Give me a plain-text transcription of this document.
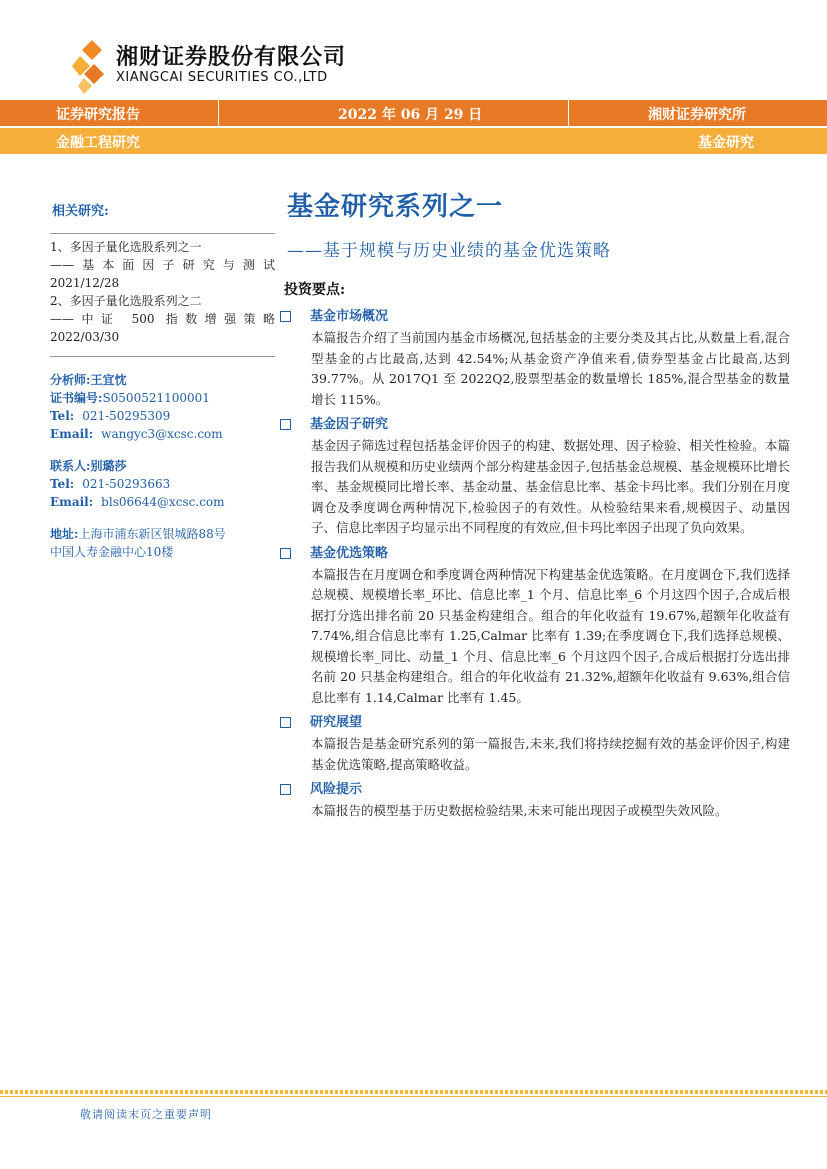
湘财证券股份有限公司
XIANGCAI SECURITIES CO.,LTD
证券研究报告	2022 年 06 月 29 日	湘财证券研究所
金融工程研究	基金研究
相关研究:
1、多因子量化选股系列之一
——基本面因子研究与测试
2021/12/28
2、多因子量化选股系列之二
——中证 500 指数增强策略
2022/03/30
分析师:王宜忱
证书编号:S0500521100001
Tel: 021-50295309
Email: wangyc3@xcsc.com
联系人:别璐莎
Tel: 021-50293663
Email: bls06644@xcsc.com
地址:上海市浦东新区银城路88号
中国人寿金融中心10楼
基金研究系列之一
——基于规模与历史业绩的基金优选策略
投资要点:
基金市场概况
本篇报告介绍了当前国内基金市场概况,包括基金的主要分类及其占比,从数量上看,混合型基金的占比最高,达到 42.54%;从基金资产净值来看,债券型基金占比最高,达到 39.77%。从 2017Q1 至 2022Q2,股票型基金的数量增长 185%,混合型基金的数量增长 115%。
基金因子研究
基金因子筛选过程包括基金评价因子的构建、数据处理、因子检验、相关性检验。本篇报告我们从规模和历史业绩两个部分构建基金因子,包括基金总规模、基金规模环比增长率、基金规模同比增长率、基金动量、基金信息比率、基金卡玛比率。我们分别在月度调仓及季度调仓两种情况下,检验因子的有效性。从检验结果来看,规模因子、动量因子、信息比率因子均显示出不同程度的有效应,但卡玛比率因子出现了负向效果。
基金优选策略
本篇报告在月度调仓和季度调仓两种情况下构建基金优选策略。在月度调仓下,我们选择总规模、规模增长率_环比、信息比率_1 个月、信息比率_6 个月这四个因子,合成后根据打分选出排名前 20 只基金构建组合。组合的年化收益有 19.67%,超额年化收益有 7.74%,组合信息比率有 1.25,Calmar 比率有 1.39;在季度调仓下,我们选择总规模、规模增长率_同比、动量_1 个月、信息比率_6 个月这四个因子,合成后根据打分选出排名前 20 只基金构建组合。组合的年化收益有 21.32%,超额年化收益有 9.63%,组合信息比率有 1.14,Calmar 比率有 1.45。
研究展望
本篇报告是基金研究系列的第一篇报告,未来,我们将持续挖掘有效的基金评价因子,构建基金优选策略,提高策略收益。
风险提示
本篇报告的模型基于历史数据检验结果,未来可能出现因子或模型失效风险。
敬请阅读末页之重要声明
